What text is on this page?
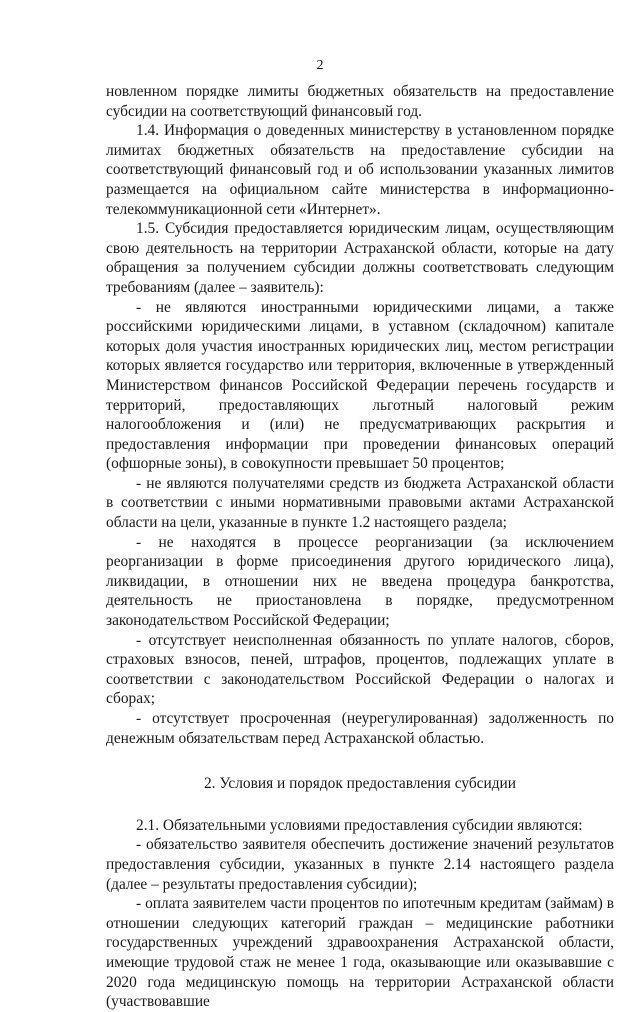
2

новленном порядке лимиты бюджетных обязательств на предоставление субсидии на соответствующий финансовый год.

1.4. Информация о доведенных министерству в установленном порядке лимитах бюджетных обязательств на предоставление субсидии на соответствующий финансовый год и об использовании указанных лимитов размещается на официальном сайте министерства в информационно-телекоммуникационной сети «Интернет».

1.5. Субсидия предоставляется юридическим лицам, осуществляющим свою деятельность на территории Астраханской области, которые на дату обращения за получением субсидии должны соответствовать следующим требованиям (далее – заявитель):

- не являются иностранными юридическими лицами, а также российскими юридическими лицами, в уставном (складочном) капитале которых доля участия иностранных юридических лиц, местом регистрации которых является государство или территория, включенные в утвержденный Министерством финансов Российской Федерации перечень государств и территорий, предоставляющих льготный налоговый режим налогообложения и (или) не предусматривающих раскрытия и предоставления информации при проведении финансовых операций (офшорные зоны), в совокупности превышает 50 процентов;

- не являются получателями средств из бюджета Астраханской области в соответствии с иными нормативными правовыми актами Астраханской области на цели, указанные в пункте 1.2 настоящего раздела;

- не находятся в процессе реорганизации (за исключением реорганизации в форме присоединения другого юридического лица), ликвидации, в отношении них не введена процедура банкротства, деятельность не приостановлена в порядке, предусмотренном законодательством Российской Федерации;

- отсутствует неисполненная обязанность по уплате налогов, сборов, страховых взносов, пеней, штрафов, процентов, подлежащих уплате в соответствии с законодательством Российской Федерации о налогах и сборах;

- отсутствует просроченная (неурегулированная) задолженность по денежным обязательствам перед Астраханской областью.

2. Условия и порядок предоставления субсидии

2.1. Обязательными условиями предоставления субсидии являются:

- обязательство заявителя обеспечить достижение значений результатов предоставления субсидии, указанных в пункте 2.14 настоящего раздела (далее – результаты предоставления субсидии);

- оплата заявителем части процентов по ипотечным кредитам (займам) в отношении следующих категорий граждан – медицинские работники государственных учреждений здравоохранения Астраханской области, имеющие трудовой стаж не менее 1 года, оказывающие или оказывавшие с 2020 года медицинскую помощь на территории Астраханской области (участвовавшие
